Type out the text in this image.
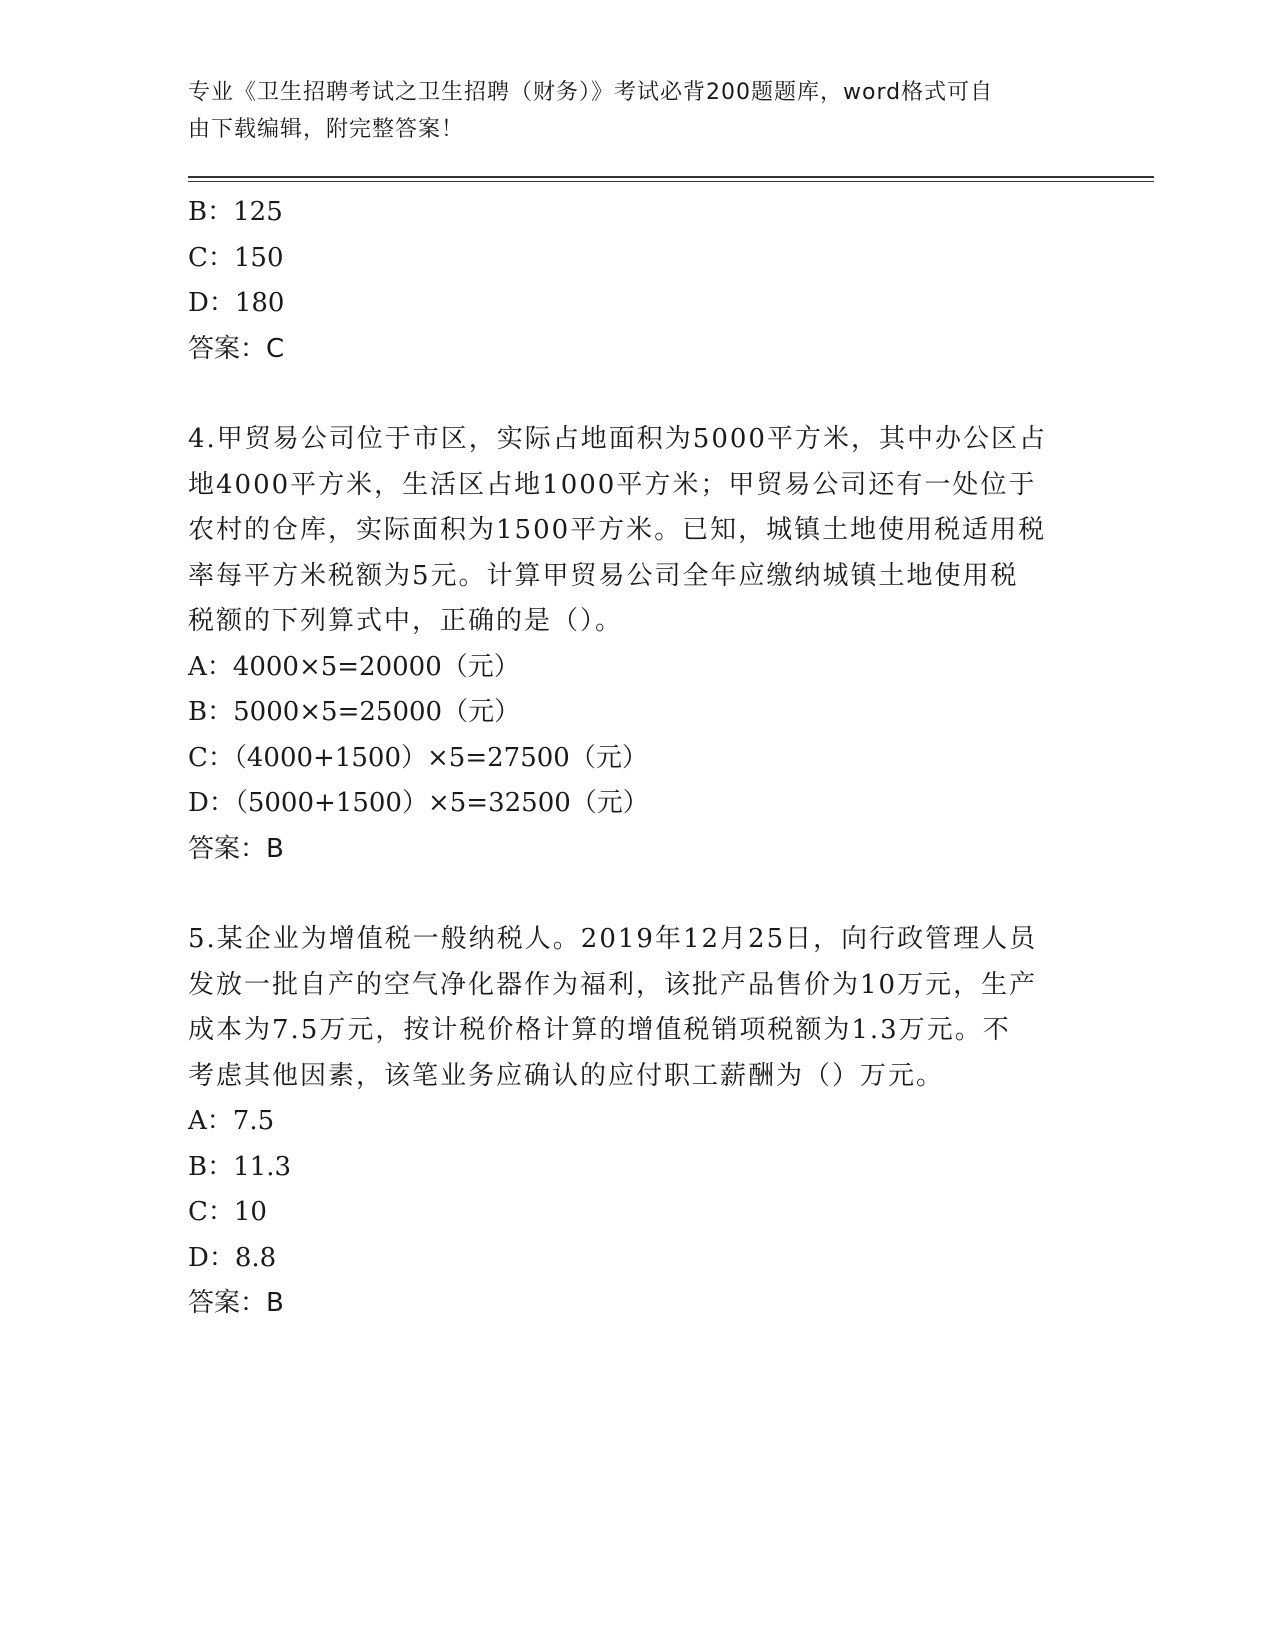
专业《卫生招聘考试之卫生招聘（财务）》考试必背200题题库，word格式可自
由下载编辑，附完整答案！
B：125
C：150
D：180
答案：C
4.甲贸易公司位于市区，实际占地面积为5000平方米，其中办公区占
地4000平方米，生活区占地1000平方米；甲贸易公司还有一处位于
农村的仓库，实际面积为1500平方米。已知，城镇土地使用税适用税
率每平方米税额为5元。计算甲贸易公司全年应缴纳城镇土地使用税
税额的下列算式中，正确的是（）。
A：4000×5=20000（元）
B：5000×5=25000（元）
C：（4000+1500）×5=27500（元）
D：（5000+1500）×5=32500（元）
答案：B
5.某企业为增值税一般纳税人。2019年12月25日，向行政管理人员
发放一批自产的空气净化器作为福利，该批产品售价为10万元，生产
成本为7.5万元，按计税价格计算的增值税销项税额为1.3万元。不
考虑其他因素，该笔业务应确认的应付职工薪酬为（）万元。
A：7.5
B：11.3
C：10
D：8.8
答案：B
